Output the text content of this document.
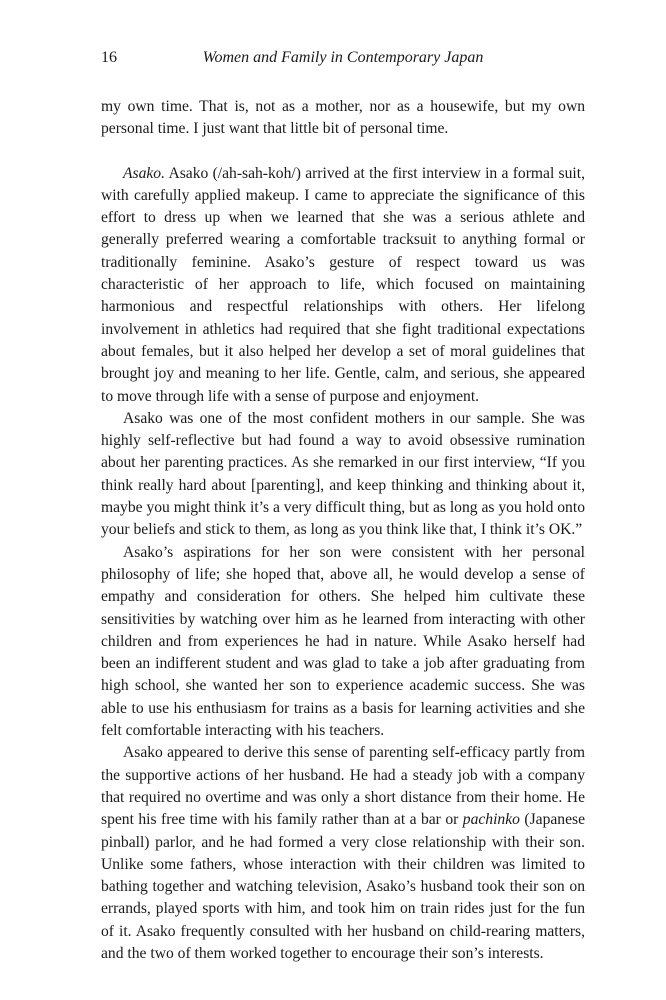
16	Women and Family in Contemporary Japan

my own time. That is, not as a mother, nor as a housewife, but my own personal time. I just want that little bit of personal time.

Asako. Asako (/ah-sah-koh/) arrived at the first interview in a formal suit, with carefully applied makeup. I came to appreciate the significance of this effort to dress up when we learned that she was a serious athlete and generally preferred wearing a comfortable tracksuit to anything formal or traditionally feminine. Asako’s gesture of respect toward us was characteristic of her approach to life, which focused on maintaining harmonious and respectful relationships with others. Her lifelong involvement in athletics had required that she fight traditional expectations about females, but it also helped her develop a set of moral guidelines that brought joy and meaning to her life. Gentle, calm, and serious, she appeared to move through life with a sense of purpose and enjoyment.

Asako was one of the most confident mothers in our sample. She was highly self-reflective but had found a way to avoid obsessive rumination about her parenting practices. As she remarked in our first interview, “If you think really hard about [parenting], and keep thinking and thinking about it, maybe you might think it’s a very difficult thing, but as long as you hold onto your beliefs and stick to them, as long as you think like that, I think it’s OK.”

Asako’s aspirations for her son were consistent with her personal philosophy of life; she hoped that, above all, he would develop a sense of empathy and consideration for others. She helped him cultivate these sensitivities by watching over him as he learned from interacting with other children and from experiences he had in nature. While Asako herself had been an indifferent student and was glad to take a job after graduating from high school, she wanted her son to experience academic success. She was able to use his enthusiasm for trains as a basis for learning activities and she felt comfortable interacting with his teachers.

Asako appeared to derive this sense of parenting self-efficacy partly from the supportive actions of her husband. He had a steady job with a company that required no overtime and was only a short distance from their home. He spent his free time with his family rather than at a bar or pachinko (Japanese pinball) parlor, and he had formed a very close relationship with their son. Unlike some fathers, whose interaction with their children was limited to bathing together and watching television, Asako’s husband took their son on errands, played sports with him, and took him on train rides just for the fun of it. Asako frequently consulted with her husband on child-rearing matters, and the two of them worked together to encourage their son’s interests.
